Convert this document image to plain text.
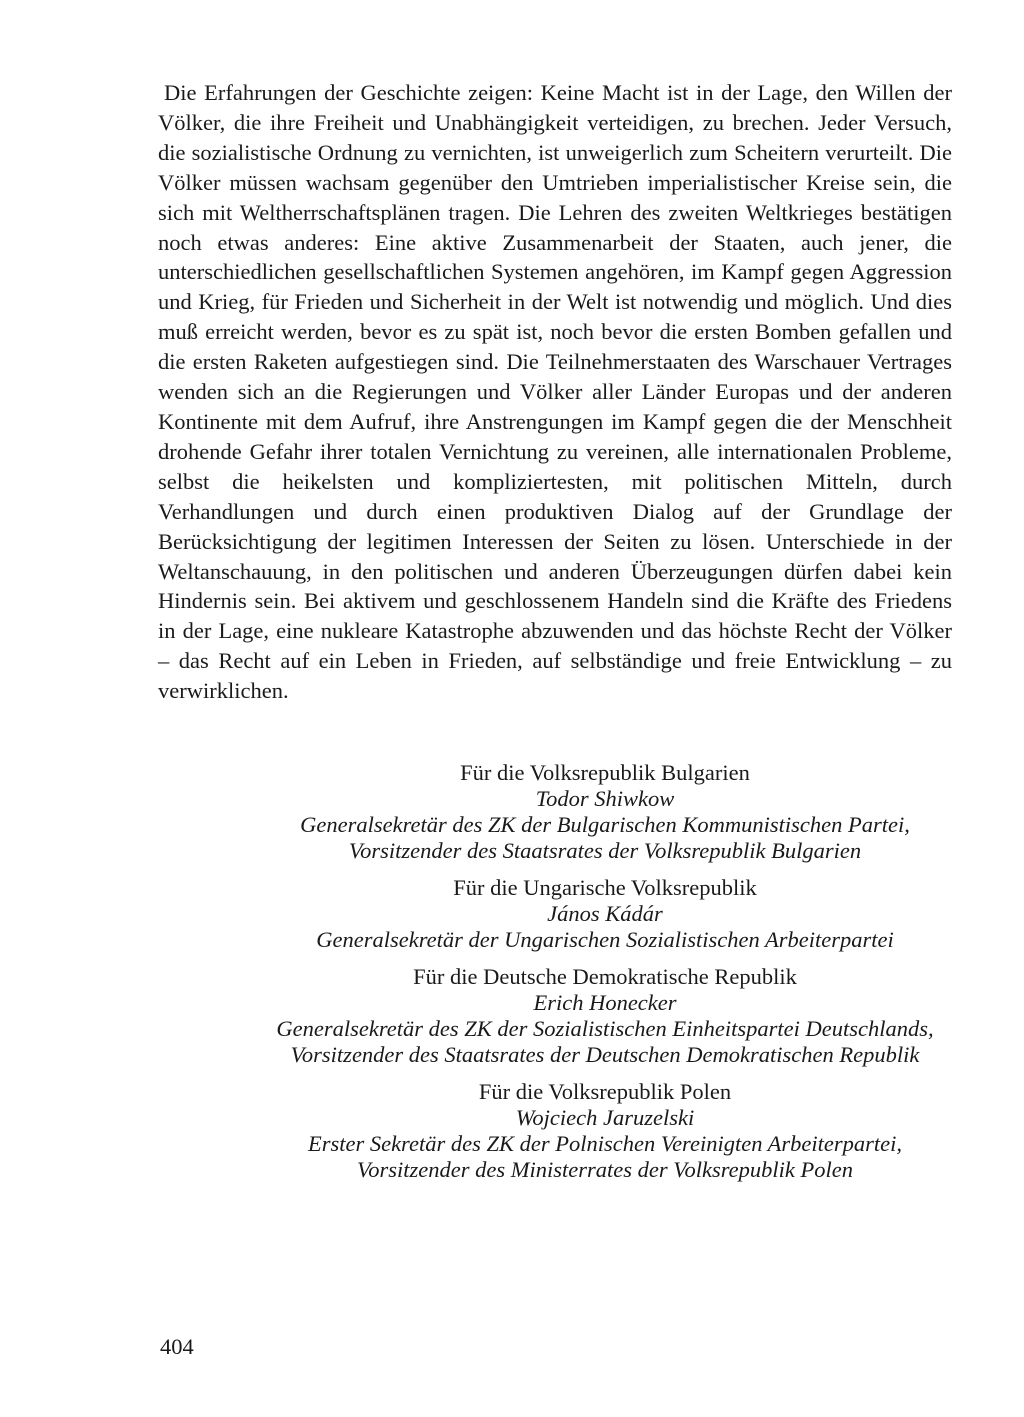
Die Erfahrungen der Geschichte zeigen: Keine Macht ist in der Lage, den Willen der Völker, die ihre Freiheit und Unabhängigkeit verteidigen, zu brechen. Jeder Versuch, die sozialistische Ordnung zu vernichten, ist unweigerlich zum Scheitern verurteilt. Die Völker müssen wachsam gegenüber den Umtrieben imperialistischer Kreise sein, die sich mit Weltherrschaftsplänen tragen. Die Lehren des zweiten Weltkrieges bestätigen noch etwas anderes: Eine aktive Zusammenarbeit der Staaten, auch jener, die unterschiedlichen gesellschaftlichen Systemen angehören, im Kampf gegen Aggression und Krieg, für Frieden und Sicherheit in der Welt ist notwendig und möglich. Und dies muß erreicht werden, bevor es zu spät ist, noch bevor die ersten Bomben gefallen und die ersten Raketen aufgestiegen sind. Die Teilnehmerstaaten des Warschauer Vertrages wenden sich an die Regierungen und Völker aller Länder Europas und der anderen Kontinente mit dem Aufruf, ihre Anstrengungen im Kampf gegen die der Menschheit drohende Gefahr ihrer totalen Vernichtung zu vereinen, alle internationalen Probleme, selbst die heikelsten und kompliziertesten, mit politischen Mitteln, durch Verhandlungen und durch einen produktiven Dialog auf der Grundlage der Berücksichtigung der legitimen Interessen der Seiten zu lösen. Unterschiede in der Weltanschauung, in den politischen und anderen Überzeugungen dürfen dabei kein Hindernis sein. Bei aktivem und geschlossenem Handeln sind die Kräfte des Friedens in der Lage, eine nukleare Katastrophe abzuwenden und das höchste Recht der Völker – das Recht auf ein Leben in Frieden, auf selbständige und freie Entwicklung – zu verwirklichen.

Für die Volksrepublik Bulgarien
Todor Shiwkow
Generalsekretär des ZK der Bulgarischen Kommunistischen Partei,
Vorsitzender des Staatsrates der Volksrepublik Bulgarien
Für die Ungarische Volksrepublik
János Kádár
Generalsekretär der Ungarischen Sozialistischen Arbeiterpartei
Für die Deutsche Demokratische Republik
Erich Honecker
Generalsekretär des ZK der Sozialistischen Einheitspartei Deutschlands,
Vorsitzender des Staatsrates der Deutschen Demokratischen Republik
Für die Volksrepublik Polen
Wojciech Jaruzelski
Erster Sekretär des ZK der Polnischen Vereinigten Arbeiterpartei,
Vorsitzender des Ministerrates der Volksrepublik Polen
404
